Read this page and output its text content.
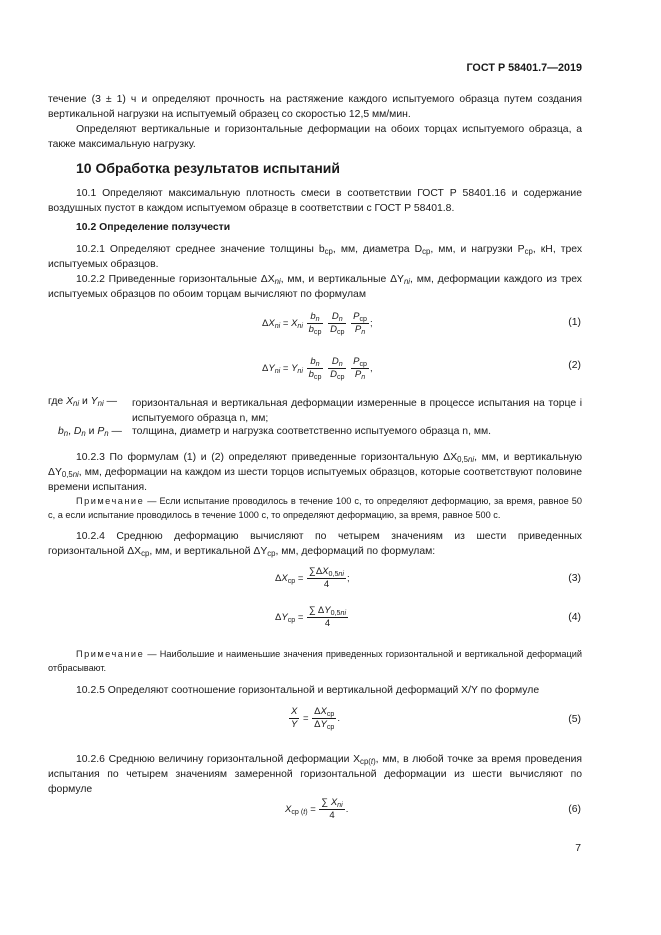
ГОСТ Р 58401.7—2019
течение (3 ± 1) ч и определяют прочность на растяжение каждого испытуемого образца путем создания вертикальной нагрузки на испытуемый образец со скоростью 12,5 мм/мин.
Определяют вертикальные и горизонтальные деформации на обоих торцах испытуемого образца, а также максимальную нагрузку.
10 Обработка результатов испытаний
10.1 Определяют максимальную плотность смеси в соответствии ГОСТ Р 58401.16 и содержание воздушных пустот в каждом испытуемом образце в соответствии с ГОСТ Р 58401.8.
10.2 Определение ползучести
10.2.1 Определяют среднее значение толщины $b_{ср}$, мм, диаметра $D_{ср}$, мм, и нагрузки $P_{ср}$, кН, трех испытуемых образцов.
10.2.2 Приведенные горизонтальные $\Delta X_{ni}$, мм, и вертикальные $\Delta Y_{ni}$, мм, деформации каждого из трех испытуемых образцов по обоим торцам вычисляют по формулам
$\Delta X_{ni} = X_{ni} \frac{b_n}{b_{ср}}$
$\frac{D_n}{D_{ср}}$
$\frac{P_{ср}}{P_n}$ ;	(1)
$\Delta Y_{ni} = Y_{ni} \frac{b_n}{b_{ср}}$
$\frac{D_n}{D_{ср}}$
$\frac{P_{ср}}{P_n}$ ,	(2)
где $X_{ni}$ и $Y_{ni}$ —	горизонтальная и вертикальная деформации измеренные в процессе испытания на торце i испытуемого образца n, мм;
$b_n$, $D_n$ и $P_n$ — толщина, диаметр и нагрузка соответственно испытуемого образца n, мм.
10.2.3 По формулам (1) и (2) определяют приведенные горизонтальную $\Delta X_{0,5ni}$, мм, и вертикальную $\Delta Y_{0,5ni}$, мм, деформации на каждом из шести торцов испытуемых образцов, которые соответствуют половине времени испытания.
Примечание — Если испытание проводилось в течение 100 с, то определяют деформацию, за время, равное 50 с, а если испытание проводилось в течение 1000 с, то определяют деформацию, за время, равное 500 с.
10.2.4 Среднюю деформацию вычисляют по четырем значениям из шести приведенных горизонтальной $\Delta X_{ср}$, мм, и вертикальной $\Delta Y_{ср}$, мм, деформаций по формулам:
$\Delta X_{ср} = \frac{\sum\Delta X_{0,5ni}}{4}$ ;	(3)
$\Delta Y_{ср} = \frac{\sum \Delta Y_{0,5ni}}{4}$	(4)
Примечание — Наибольшие и наименьшие значения приведенных горизонтальной и вертикальной деформаций отбрасывают.
10.2.5 Определяют соотношение горизонтальной и вертикальной деформаций X/Y по формуле
$\frac{X}{Y} = \frac{\Delta X_{ср}}{\Delta Y_{ср}}$ .	(5)
10.2.6 Среднюю величину горизонтальной деформации $X_{ср(t)}$, мм, в любой точке за время проведения испытания по четырем значениям замеренной горизонтальной деформации из шести вычисляют по формуле
$X_{ср (t)} = \frac{\sum X_{ni}}{4}$ .	(6)
7
